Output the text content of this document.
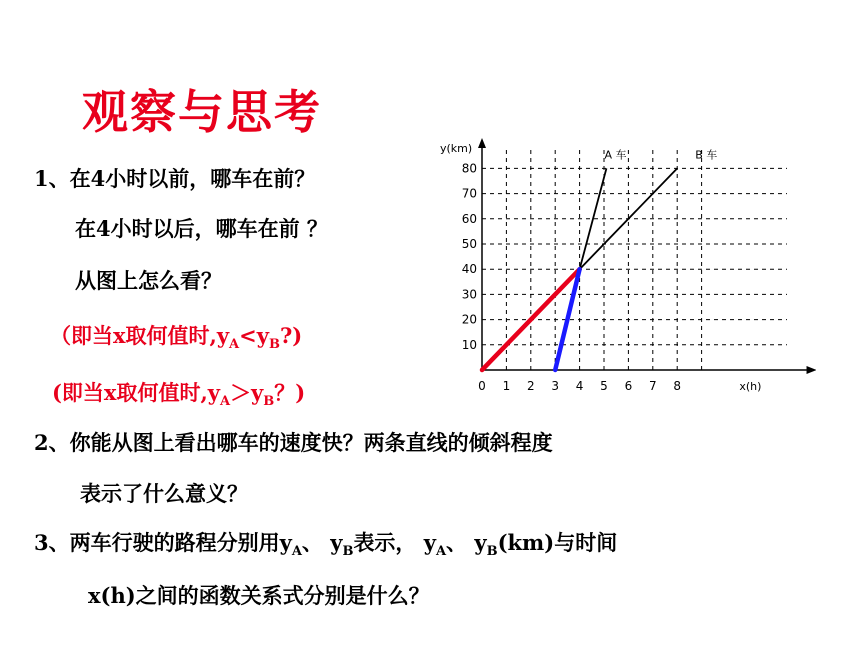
观察与思考
1、在4小时以前，哪车在前？
在4小时以后，哪车在前 ？
从图上怎么看？
（即当x取何值时$,y_A<y_B$?)
(即当x取何值时$,y_A>y_B$？)
2、你能从图上看出哪车的速度快？两条直线的倾斜程度
表示了什么意义？
3、两车行驶的路程分别用$y_A$、 $y_B$表示， $y_A$、 $y_B(km)$与时间
x(h)之间的函数关系式分别是什么？
0 1 2 3 4 5 6 7 8
10
20
30
40
50
60
70
80
x(h)
y(km)	A 车	B 车
